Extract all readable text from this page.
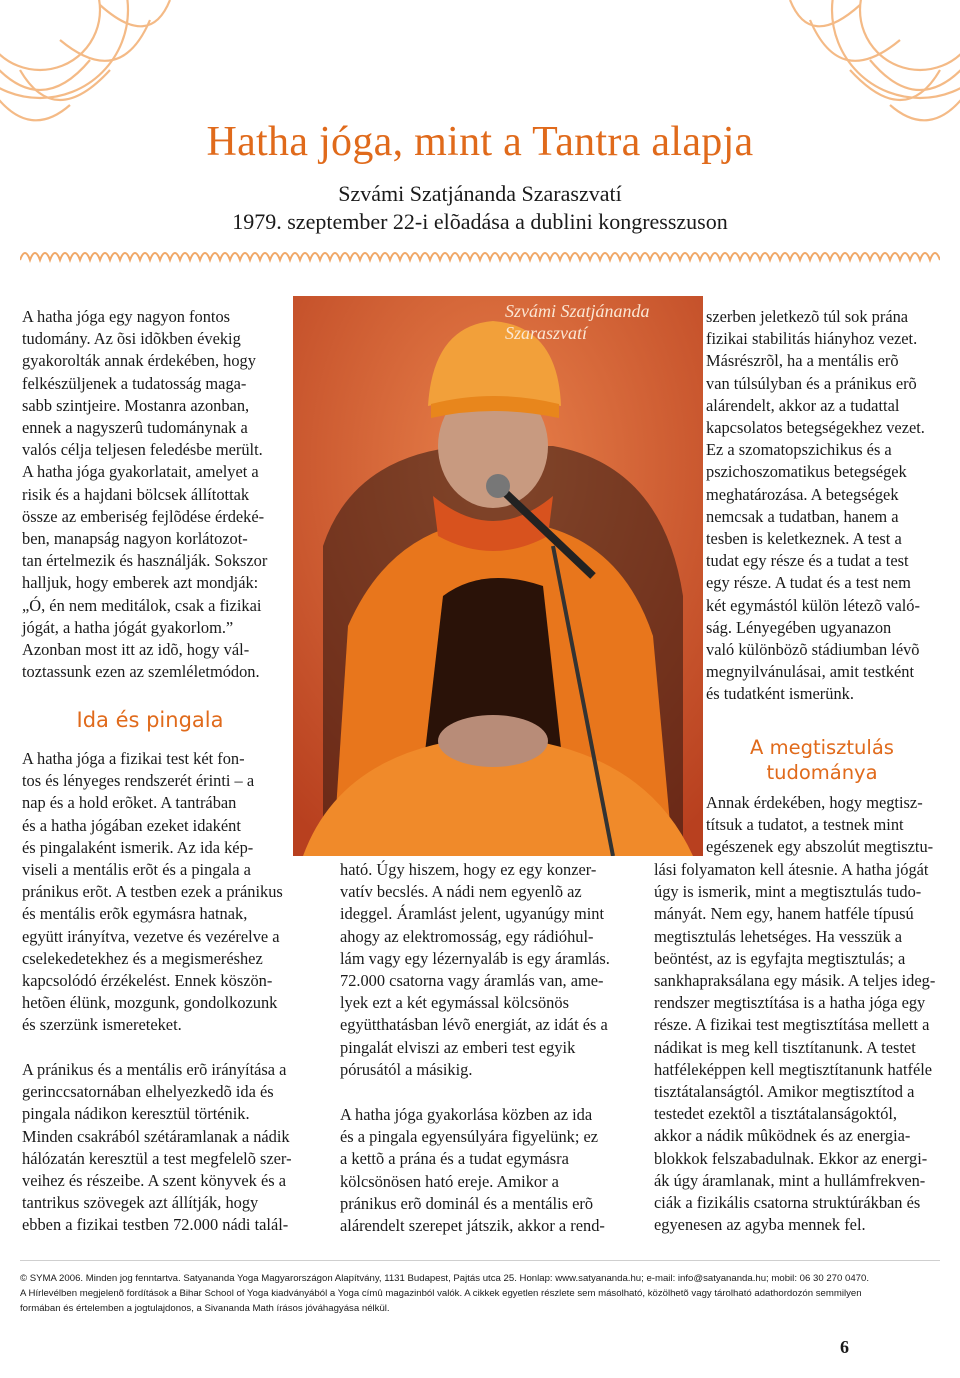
Hatha jóga, mint a Tantra alapja
Szvámi Szatjánanda Szaraszvatí
1979. szeptember 22-i elõadása a dublini kongresszuson
Szvámi Szatjánanda
Szaraszvatí

A hatha jóga egy nagyon fontos

tudomány. Az õsi idõkben évekig

gyakorolták annak érdekében, hogy

felkészüljenek a tudatosság maga-

sabb szintjeire. Mostanra azonban,

ennek a nagyszerû tudománynak a

valós célja teljesen feledésbe merült.

A hatha jóga gyakorlatait, amelyet a

risik és a hajdani bölcsek állítottak

össze az emberiség fejlõdése érdeké-

ben, manapság nagyon korlátozot-

tan értelmezik és használják. Sokszor

halljuk, hogy emberek azt mondják:

„Ó, én nem meditálok, csak a fizikai

jógát, a hatha jógát gyakorlom.”

Azonban most itt az idõ, hogy vál-

toztassunk ezen az szemléletmódon.

Ida és pingala

A hatha jóga a fizikai test két fon-

tos és lényeges rendszerét érinti – a

nap és a hold erõket. A tantrában

és a hatha jógában ezeket idaként

és pingalaként ismerik. Az ida kép-

viseli a mentális erõt és a pingala a

pránikus erõt. A testben ezek a pránikus

és mentális erõk egymásra hatnak,

együtt irányítva, vezetve és vezérelve a

cselekedetekhez és a megismeréshez

kapcsolódó érzékelést. Ennek köszön-

hetõen élünk, mozgunk, gondolkozunk

és szerzünk ismereteket.

A pránikus és a mentális erõ irányítása a

gerinccsatornában elhelyezkedõ ida és

pingala nádikon keresztül történik.

Minden csakrából szétáramlanak a nádik

hálózatán keresztül a test megfelelõ szer-

veihez és részeibe. A szent könyvek és a

tantrikus szövegek azt állítják, hogy

ebben a fizikai testben 72.000 nádi talál-

ható. Úgy hiszem, hogy ez egy konzer-

vatív becslés. A nádi nem egyenlõ az

ideggel. Áramlást jelent, ugyanúgy mint

ahogy az elektromosság, egy rádióhul-

lám vagy egy lézernyaláb is egy áramlás.

72.000 csatorna vagy áramlás van, ame-

lyek ezt a két egymással kölcsönös

együtthatásban lévõ energiát, az idát és a

pingalát elviszi az emberi test egyik

pórusától a másikig.

A hatha jóga gyakorlása közben az ida

és a pingala egyensúlyára figyelünk; ez

a kettõ a prána és a tudat egymásra

kölcsönösen ható ereje. Amikor a

pránikus erõ dominál és a mentális erõ

alárendelt szerepet játszik, akkor a rend-

szerben jeletkezõ túl sok prána

fizikai stabilitás hiányhoz vezet.

Másrészrõl, ha a mentális erõ

van túlsúlyban és a pránikus erõ

alárendelt, akkor az a tudattal

kapcsolatos betegségekhez vezet.

Ez a szomatopszichikus és a

pszichoszomatikus betegségek

meghatározása. A betegségek

nemcsak a tudatban, hanem a

tesben is keletkeznek. A test a

tudat egy része és a tudat a test

egy része. A tudat és a test nem

két egymástól külön létezõ való-

ság. Lényegében ugyanazon

való különbözõ stádiumban lévõ

megnyilvánulásai, amit testként

és tudatként ismerünk.

A megtisztulás
tudománya

Annak érdekében, hogy megtisz-

títsuk a tudatot, a testnek mint

egészenek egy abszolút megtisztu-

lási folyamaton kell átesnie. A hatha jógát

úgy is ismerik, mint a megtisztulás tudo-

mányát. Nem egy, hanem hatféle típusú

megtisztulás lehetséges. Ha vesszük a

beöntést, az is egyfajta megtisztulás; a

sankhapraksálana egy másik. A teljes ideg-

rendszer megtisztítása is a hatha jóga egy

része. A fizikai test megtisztítása mellett a

nádikat is meg kell tisztítanunk. A testet

hatféleképpen kell megtisztítanunk hatféle

tisztátalanságtól. Amikor megtisztítod a

testedet ezektõl a tisztátalanságoktól,

akkor a nádik mûködnek és az energia-

blokkok felszabadulnak. Ekkor az energi-

ák úgy áramlanak, mint a hullámfrekven-

ciák a fizikális csatorna struktúrákban és

egyenesen az agyba mennek fel.

© SYMA 2006. Minden jog fenntartva. Satyananda Yoga Magyarországon Alapítvány, 1131 Budapest, Pajtás utca 25. Honlap: www.satyananda.hu; e-mail: info@satyananda.hu; mobil: 06 30 270 0470.

A Hírlevélben megjelenõ fordítások a Bihar School of Yoga kiadványából a Yoga címû magazinból valók. A cikkek egyetlen részlete sem másolható, közölhetõ vagy tárolható adathordozón semmilyen

formában és értelemben a jogtulajdonos, a Sivananda Math írásos jóváhagyása nélkül.

6
